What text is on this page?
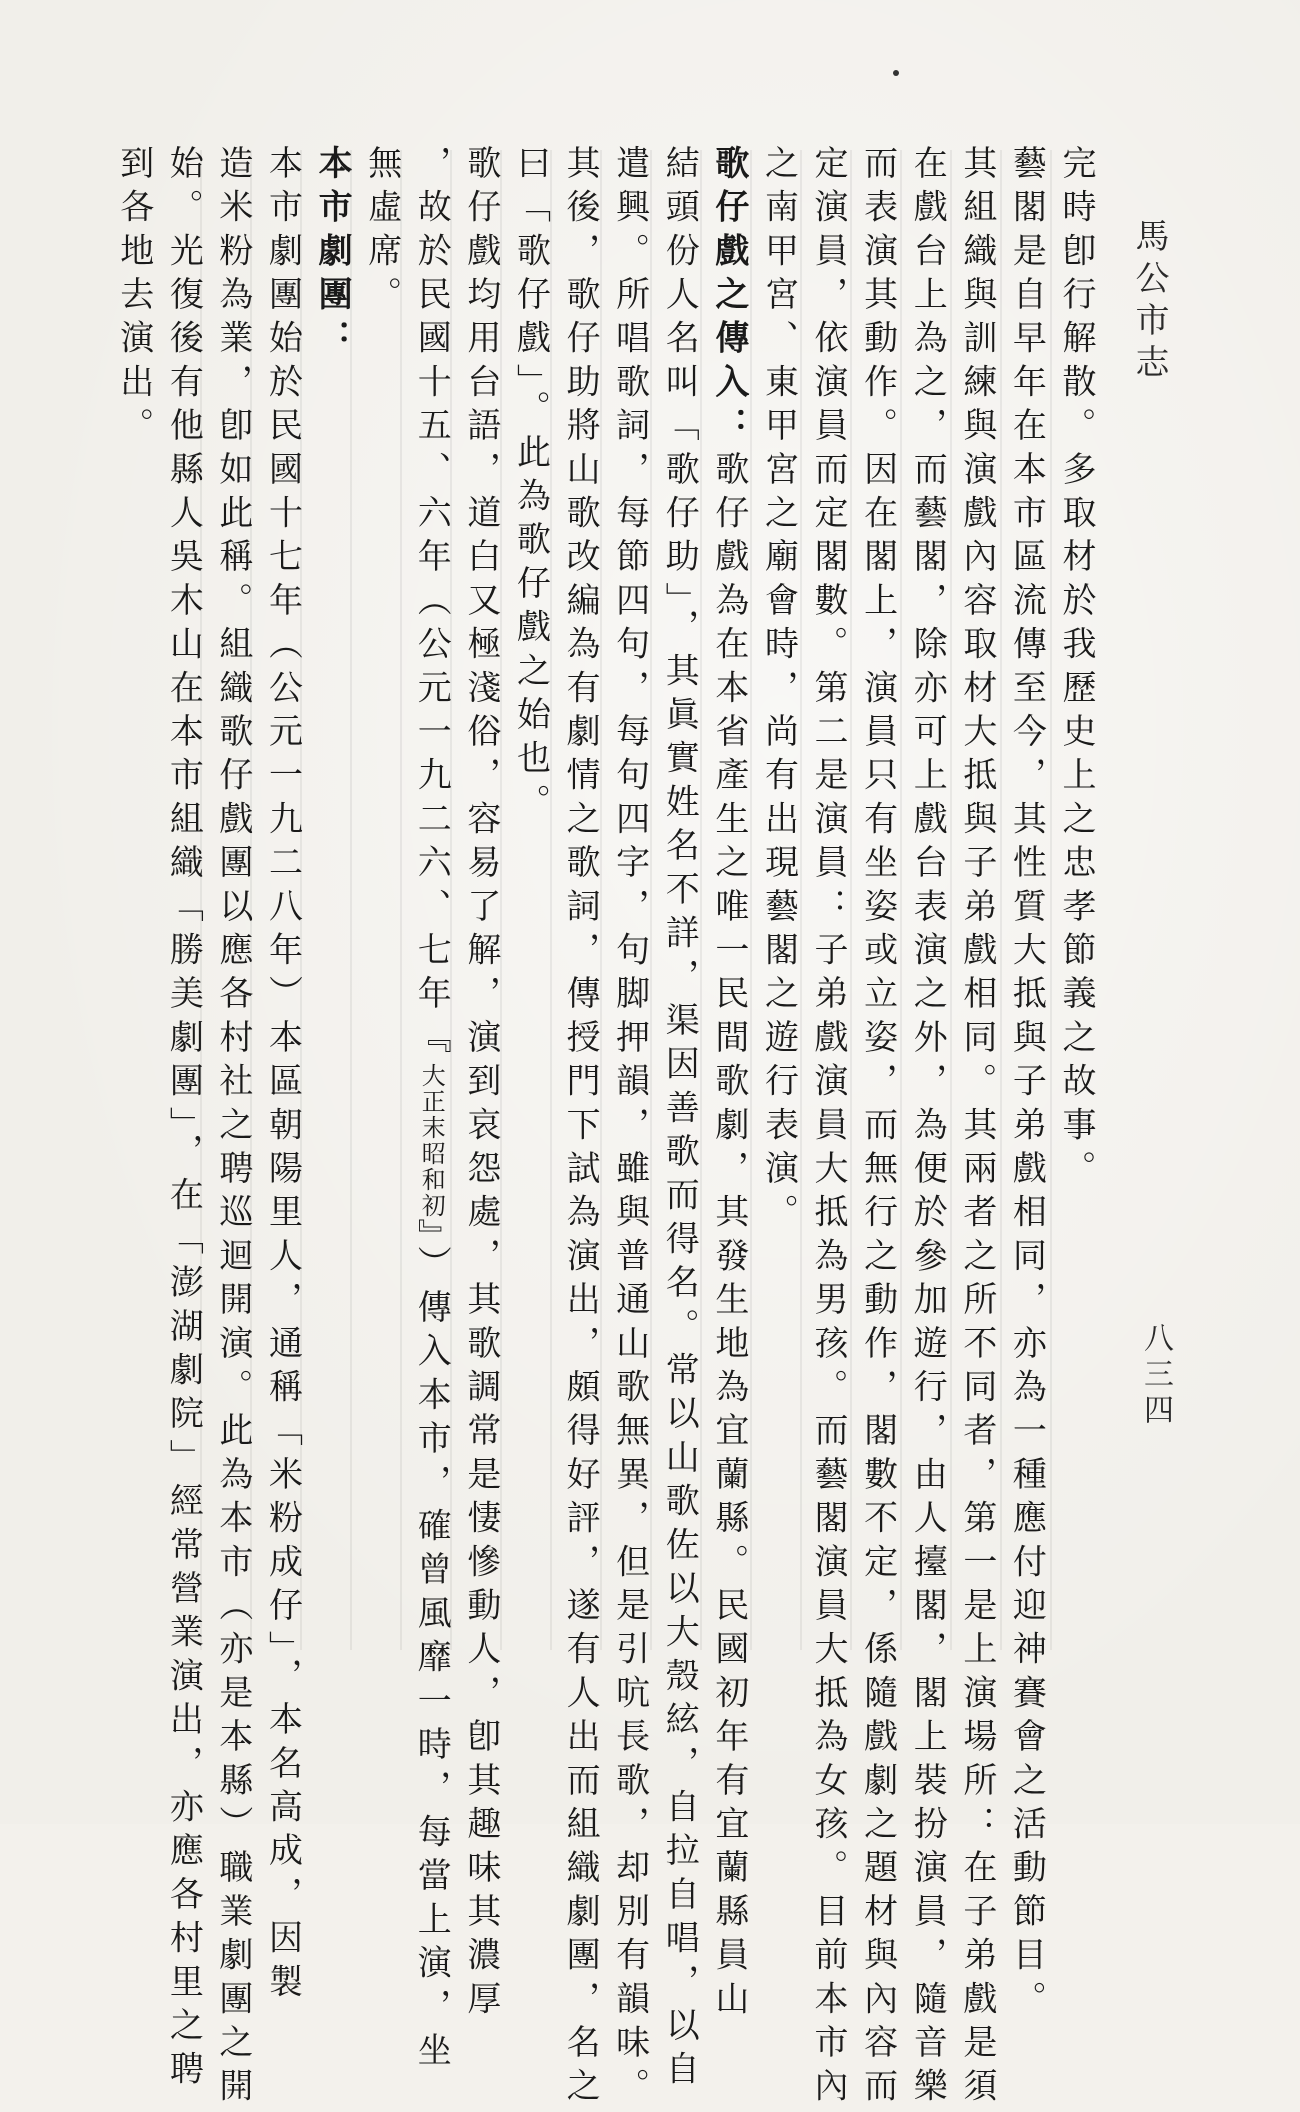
馬公市志
八三四
完時卽行解散。多取材於我歷史上之忠孝節義之故事。
藝閣是自早年在本市區流傳至今，其性質大抵與子弟戲相同，亦為一種應付迎神賽會之活動節目。
其組織與訓練與演戲內容取材大抵與子弟戲相同。其兩者之所不同者，第一是上演場所：在子弟戲是須
在戲台上為之，而藝閣，除亦可上戲台表演之外，為便於參加遊行，由人擡閣，閣上裝扮演員，隨音樂
而表演其動作。因在閣上，演員只有坐姿或立姿，而無行之動作，閣數不定，係隨戲劇之題材與內容而
定演員，依演員而定閣數。第二是演員：子弟戲演員大抵為男孩。而藝閣演員大抵為女孩。目前本市內
之南甲宮、東甲宮之廟會時，尚有出現藝閣之遊行表演。
歌仔戲之傳入：歌仔戲為在本省產生之唯一民間歌劇，其發生地為宜蘭縣。民國初年有宜蘭縣員山
結頭份人名叫「歌仔助」，其眞實姓名不詳，渠因善歌而得名。常以山歌佐以大殼絃，自拉自唱，以自
遣興。所唱歌詞，每節四句，每句四字，句脚押韻，雖與普通山歌無異，但是引吭長歌，却別有韻味。
其後，歌仔助將山歌改編為有劇情之歌詞，傳授門下試為演出，頗得好評，遂有人出而組織劇團，名之
曰「歌仔戲」。此為歌仔戲之始也。
歌仔戲均用台語，道白又極淺俗，容易了解，演到哀怨處，其歌調常是悽慘動人，卽其趣味其濃厚
，故於民國十五、六年（公元一九二六、七年『大正末昭和初』）傳入本市，確曾風靡一時，每當上演，坐
無虛席。
本市劇團：
本市劇團始於民國十七年（公元一九二八年）本區朝陽里人，通稱「米粉成仔」，本名高成，因製
造米粉為業，卽如此稱。組織歌仔戲團以應各村社之聘巡迴開演。此為本市（亦是本縣）職業劇團之開
始。光復後有他縣人吳木山在本市組織「勝美劇團」，在「澎湖劇院」經常營業演出，亦應各村里之聘
到各地去演出。
